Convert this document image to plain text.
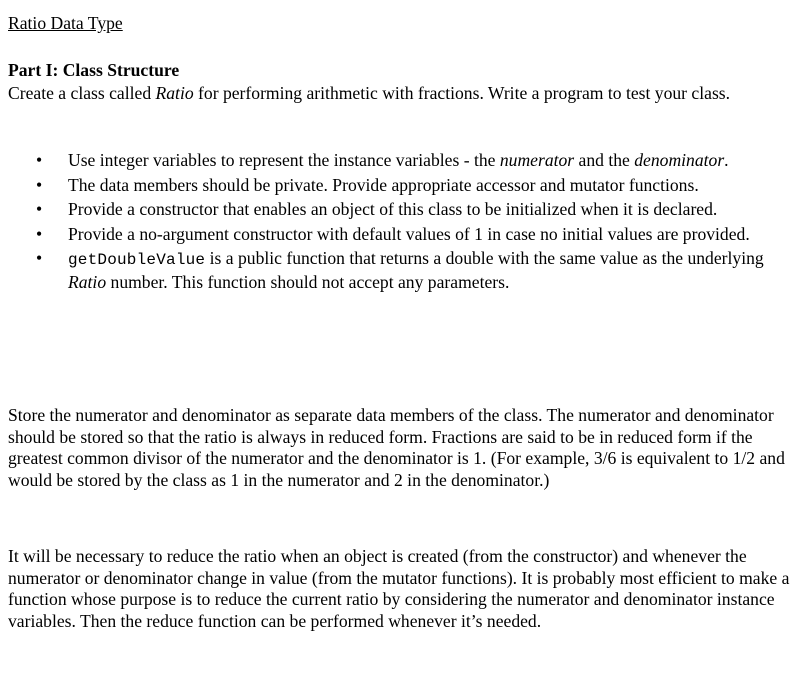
Ratio Data Type

Part I: Class Structure

Create a class called Ratio for performing arithmetic with fractions. Write a program to test your class.

• Use integer variables to represent the instance variables - the numerator and the denominator.
• The data members should be private. Provide appropriate accessor and mutator functions.
• Provide a constructor that enables an object of this class to be initialized when it is declared.
• Provide a no-argument constructor with default values of 1 in case no initial values are provided.
• getDoubleValue is a public function that returns a double with the same value as the underlying Ratio number. This function should not accept any parameters.

Store the numerator and denominator as separate data members of the class. The numerator and denominator should be stored so that the ratio is always in reduced form. Fractions are said to be in reduced form if the greatest common divisor of the numerator and the denominator is 1. (For example, 3/6 is equivalent to 1/2 and would be stored by the class as 1 in the numerator and 2 in the denominator.)

It will be necessary to reduce the ratio when an object is created (from the constructor) and whenever the numerator or denominator change in value (from the mutator functions). It is probably most efficient to make a function whose purpose is to reduce the current ratio by considering the numerator and denominator instance variables. Then the reduce function can be performed whenever it’s needed.
